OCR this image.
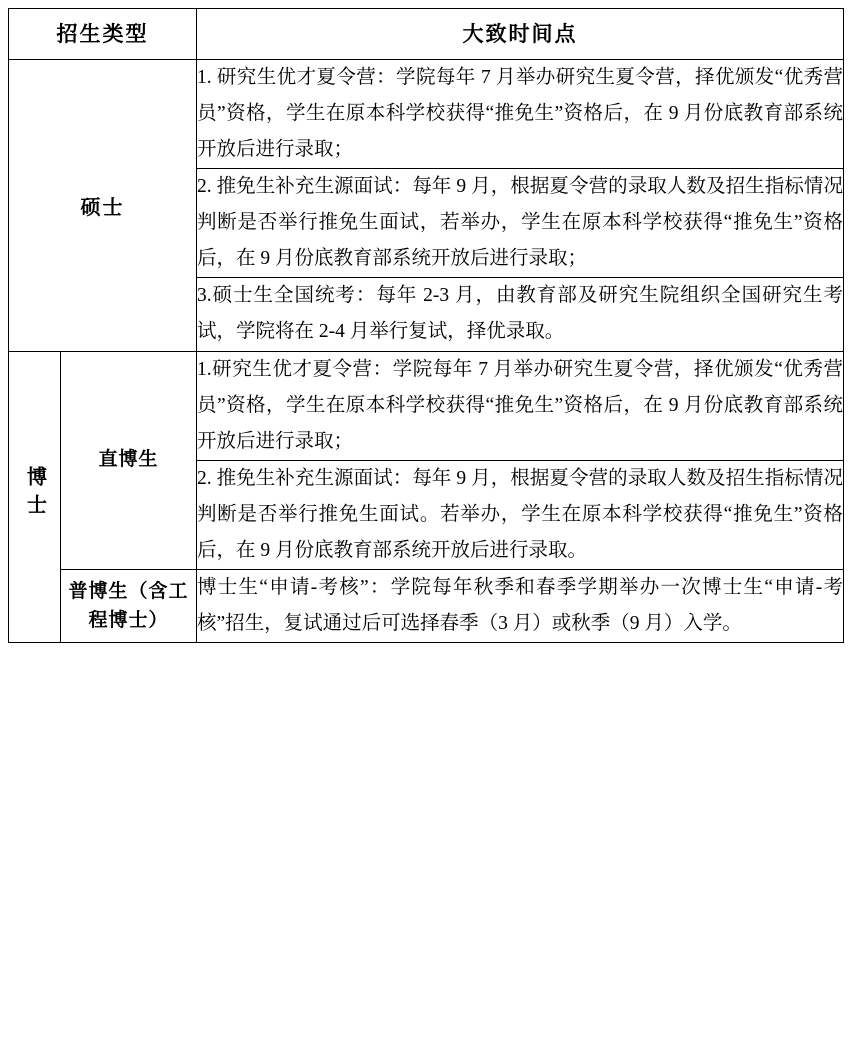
招生类型		大致时间点
硕士		1. 研究生优才夏令营：学院每年 7 月举办研究生夏令营，择优颁发“优秀营员”资格，学生在原本科学校获得“推免生”资格后，在 9 月份底教育部系统开放后进行录取；
		2. 推免生补充生源面试：每年 9 月，根据夏令营的录取人数及招生指标情况判断是否举行推免生面试，若举办，学生在原本科学校获得“推免生”资格后，在 9 月份底教育部系统开放后进行录取；
		3.硕士生全国统考：每年 2-3 月，由教育部及研究生院组织全国研究生考试，学院将在 2-4 月举行复试，择优录取。
博士	直博生	1.研究生优才夏令营：学院每年 7 月举办研究生夏令营，择优颁发“优秀营员”资格，学生在原本科学校获得“推免生”资格后，在 9 月份底教育部系统开放后进行录取；
		2. 推免生补充生源面试：每年 9 月，根据夏令营的录取人数及招生指标情况判断是否举行推免生面试。若举办，学生在原本科学校获得“推免生”资格后，在 9 月份底教育部系统开放后进行录取。
	普博生（含工程博士）	博士生“申请-考核”：学院每年秋季和春季学期举办一次博士生“申请-考核”招生，复试通过后可选择春季（3 月）或秋季（9 月）入学。
